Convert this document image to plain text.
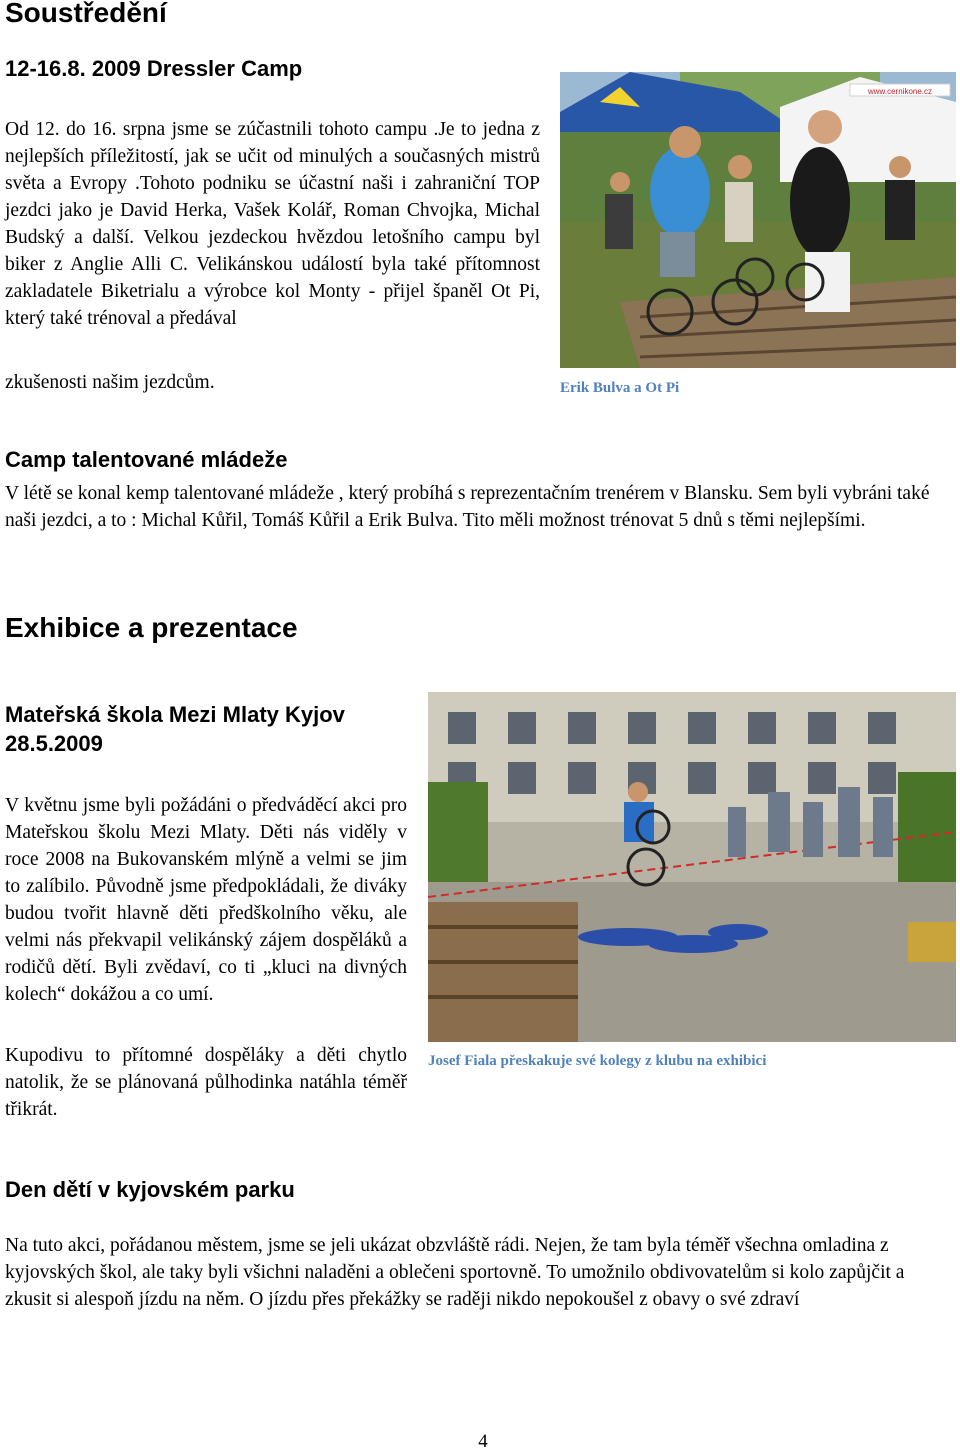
Soustředění
12-16.8. 2009 Dressler Camp
Od 12. do 16. srpna jsme se zúčastnili tohoto campu .Je to jedna z nejlepších příležitostí, jak se učit od minulých a současných mistrů světa a Evropy .Tohoto podniku se účastní naši i zahraniční TOP jezdci jako je David Herka, Vašek Kolář, Roman Chvojka, Michal Budský a další. Velkou jezdeckou hvězdou letošního campu byl biker z Anglie Alli C. Velikánskou událostí byla také přítomnost zakladatele Biketrialu a výrobce kol Monty - přijel španěl Ot Pi, který také trénoval a předával
zkušenosti našim jezdcům.
www.cernikone.cz
Erik Bulva a Ot Pi
Camp talentované mládeže
V létě se konal kemp talentované mládeže , který probíhá s reprezentačním trenérem v Blansku. Sem byli vybráni také naši jezdci, a to : Michal Kůřil, Tomáš Kůřil a Erik Bulva. Tito měli možnost trénovat 5 dnů s těmi nejlepšími.
Exhibice a prezentace
Mateřská škola Mezi Mlaty Kyjov
28.5.2009
V květnu jsme byli požádáni o předváděcí akci pro Mateřskou školu Mezi Mlaty. Děti nás viděly v roce 2008 na Bukovanském mlýně a velmi se jim to zalíbilo. Původně jsme předpokládali, že diváky budou tvořit hlavně děti předškolního věku, ale velmi nás překvapil velikánský zájem dospěláků a rodičů dětí. Byli zvědaví, co ti „kluci na divných kolech“ dokážou a co umí.
Kupodivu to přítomné dospěláky a děti chytlo natolik, že se plánovaná půlhodinka natáhla téměř třikrát.
Josef Fiala přeskakuje své kolegy z klubu na exhibici
Den dětí v kyjovském parku
Na tuto akci, pořádanou městem, jsme se jeli ukázat obzvláště rádi. Nejen, že tam byla téměř všechna omladina z kyjovských škol, ale taky byli všichni naladěni a oblečeni sportovně. To umožnilo obdivovatelům si kolo zapůjčit a zkusit si alespoň jízdu na něm. O jízdu přes překážky se raději nikdo nepokoušel z obavy o své zdraví
4
